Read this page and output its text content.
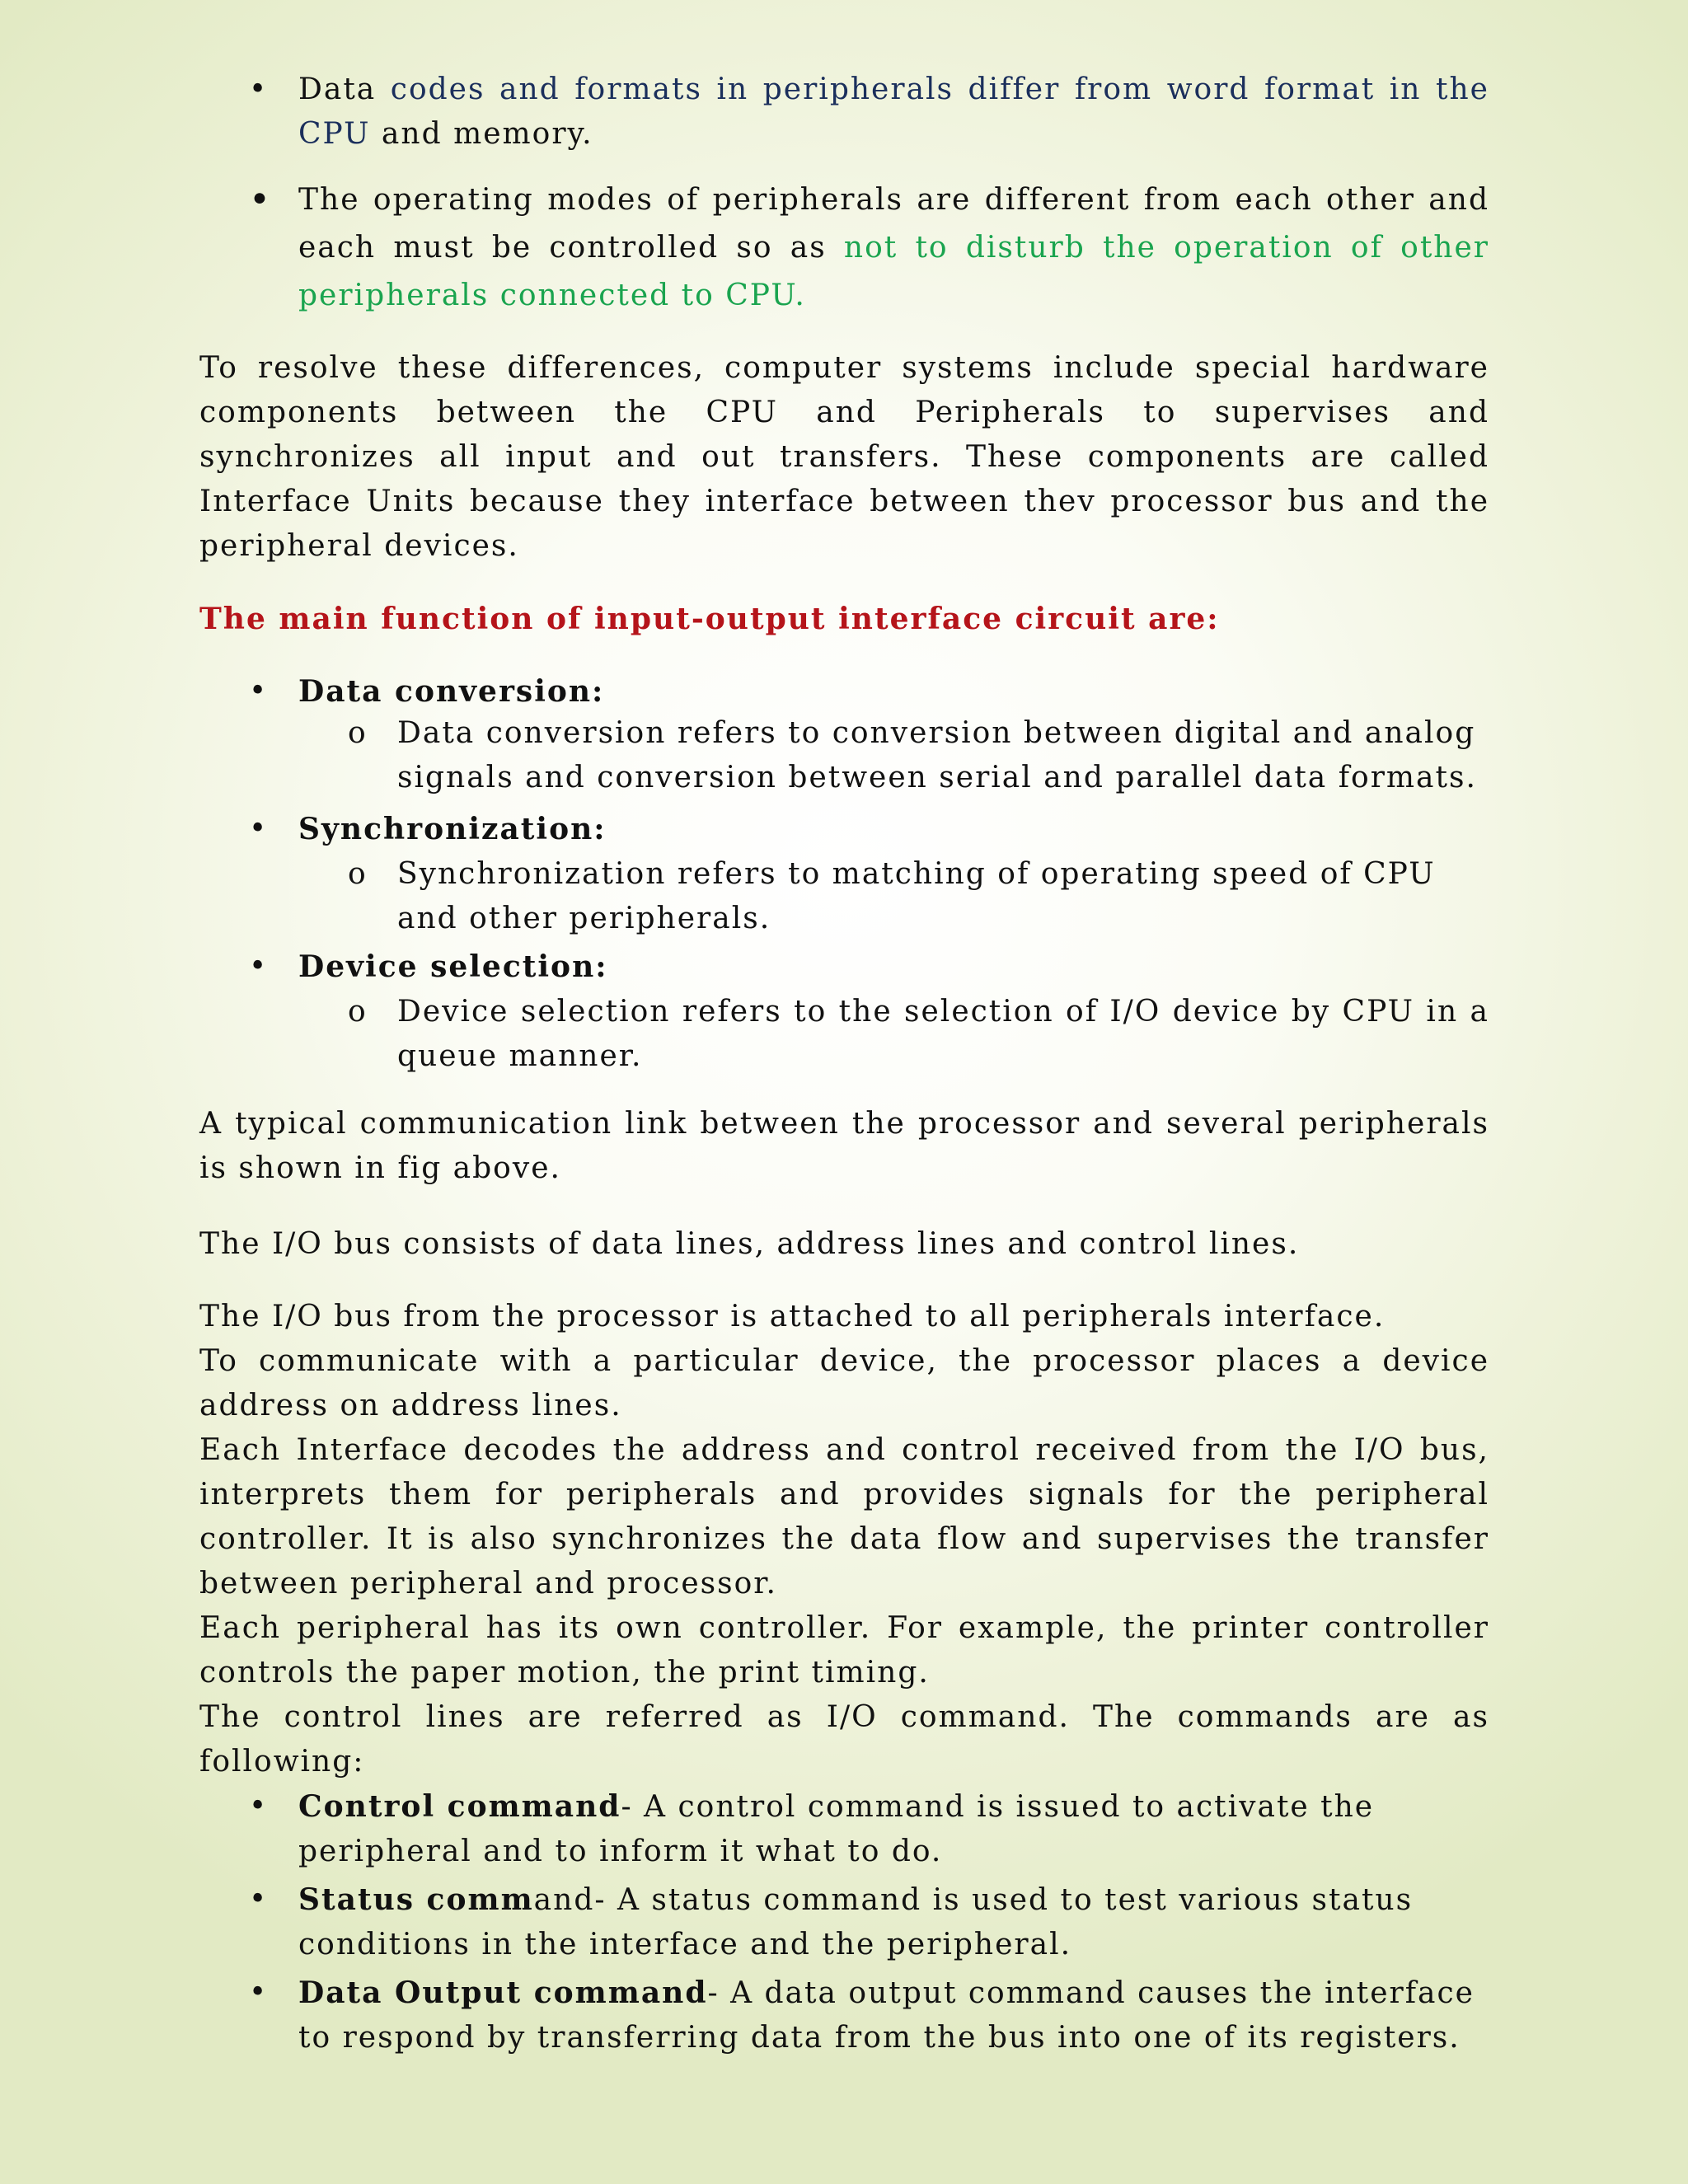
• Data codes and formats in peripherals differ from word format in the CPU and memory.
• The operating modes of peripherals are different from each other and each must be controlled so as not to disturb the operation of other peripherals connected to CPU.

To resolve these differences, computer systems include special hardware components between the CPU and Peripherals to supervises and synchronizes all input and out transfers. These components are called Interface Units because they interface between thev processor bus and the peripheral devices.

The main function of input-output interface circuit are:

• Data conversion:
o Data conversion refers to conversion between digital and analog signals and conversion between serial and parallel data formats.
• Synchronization:
o Synchronization refers to matching of operating speed of CPU and other peripherals.
• Device selection:
o Device selection refers to the selection of I/O device by CPU in a queue manner.

A typical communication link between the processor and several peripherals is shown in fig above.

The I/O bus consists of data lines, address lines and control lines.

The I/O bus from the processor is attached to all peripherals interface.

To communicate with a particular device, the processor places a device address on address lines.

Each Interface decodes the address and control received from the I/O bus, interprets them for peripherals and provides signals for the peripheral controller. It is also synchronizes the data flow and supervises the transfer between peripheral and processor.

Each peripheral has its own controller. For example, the printer controller controls the paper motion, the print timing.

The control lines are referred as I/O command. The commands are as following:

• Control command- A control command is issued to activate the peripheral and to inform it what to do.
• Status command- A status command is used to test various status conditions in the interface and the peripheral.
• Data Output command- A data output command causes the interface to respond by transferring data from the bus into one of its registers.
